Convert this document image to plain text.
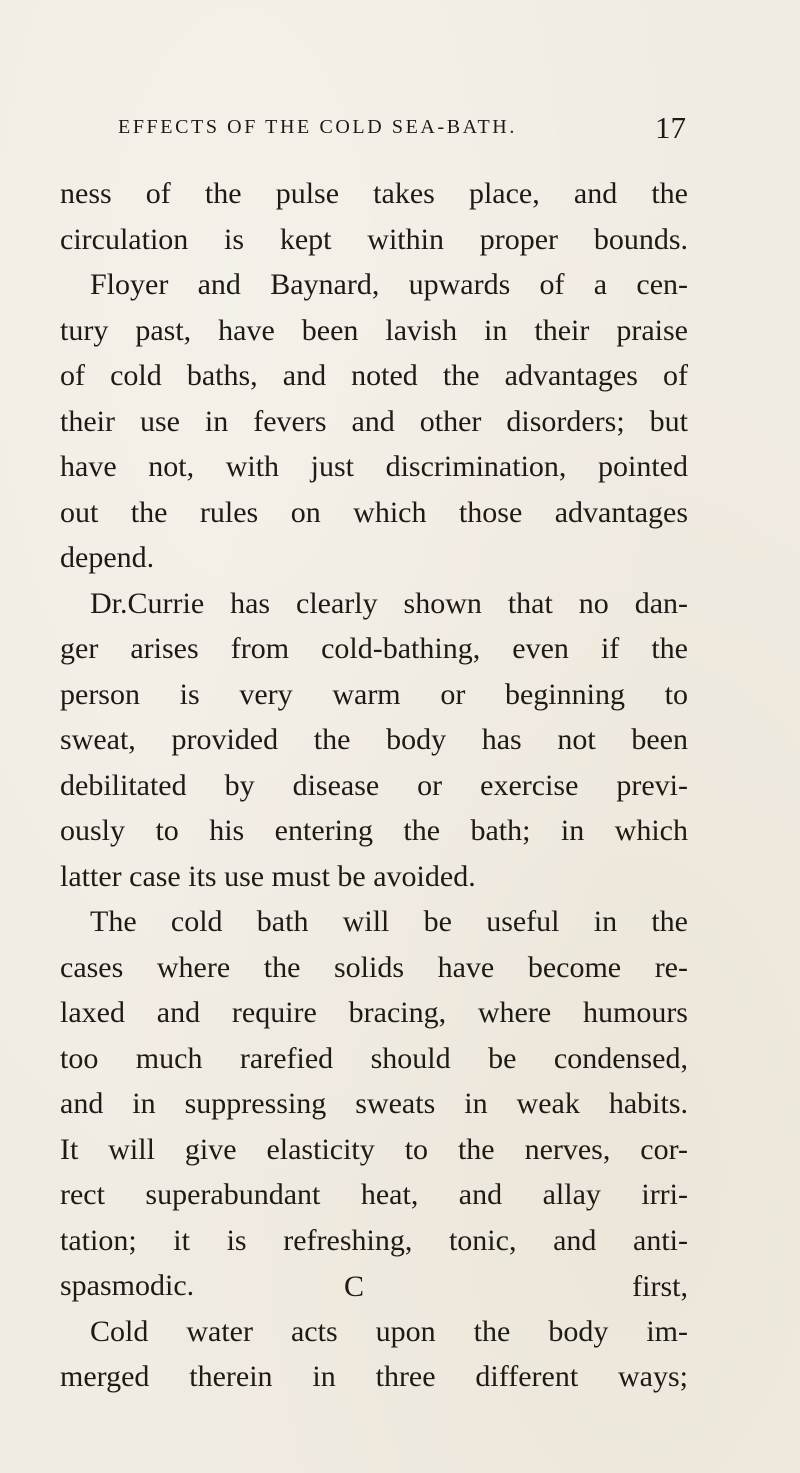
EFFECTS OF THE COLD SEA-BATH.	17
ness of the pulse takes place, and the
circulation is kept within proper bounds.
Floyer and Baynard, upwards of a cen-
tury past, have been lavish in their praise
of cold baths, and noted the advantages of
their use in fevers and other disorders; but
have not, with just discrimination, pointed
out the rules on which those advantages
depend.
Dr.Currie has clearly shown that no dan-
ger arises from cold-bathing, even if the
person is very warm or beginning to
sweat, provided the body has not been
debilitated by disease or exercise previ-
ously to his entering the bath; in which
latter case its use must be avoided.
The cold bath will be useful in the
cases where the solids have become re-
laxed and require bracing, where humours
too much rarefied should be condensed,
and in suppressing sweats in weak habits.
It will give elasticity to the nerves, cor-
rect superabundant heat, and allay irri-
tation; it is refreshing, tonic, and anti-
spasmodic.
Cold water acts upon the body im-
merged therein in three different ways;
C	first,
